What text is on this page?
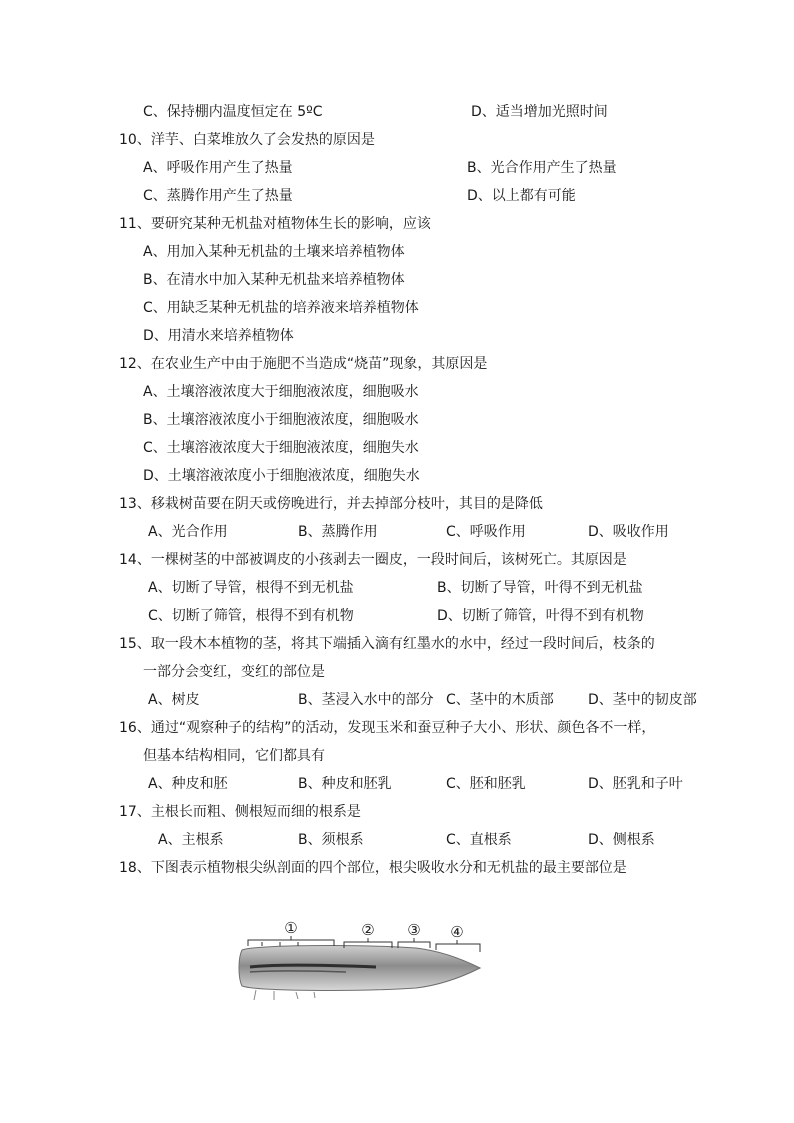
C、保持棚内温度恒定在 5ºC	D、适当增加光照时间
10、洋芋、白菜堆放久了会发热的原因是
A、呼吸作用产生了热量	B、光合作用产生了热量
C、蒸腾作用产生了热量	D、以上都有可能
11、要研究某种无机盐对植物体生长的影响，应该
A、用加入某种无机盐的土壤来培养植物体
B、在清水中加入某种无机盐来培养植物体
C、用缺乏某种无机盐的培养液来培养植物体
D、用清水来培养植物体
12、在农业生产中由于施肥不当造成“烧苗”现象，其原因是
A、土壤溶液浓度大于细胞液浓度，细胞吸水
B、土壤溶液浓度小于细胞液浓度，细胞吸水
C、土壤溶液浓度大于细胞液浓度，细胞失水
D、土壤溶液浓度小于细胞液浓度，细胞失水
13、移栽树苗要在阴天或傍晚进行，并去掉部分枝叶，其目的是降低
A、光合作用	B、蒸腾作用	C、呼吸作用	D、吸收作用
14、一棵树茎的中部被调皮的小孩剥去一圈皮，一段时间后，该树死亡。其原因是
A、切断了导管，根得不到无机盐	B、切断了导管，叶得不到无机盐
C、切断了筛管，根得不到有机物	D、切断了筛管，叶得不到有机物
15、取一段木本植物的茎，将其下端插入滴有红墨水的水中，经过一段时间后，枝条的
一部分会变红，变红的部位是
A、树皮	B、茎浸入水中的部分 C、茎中的木质部 D、茎中的韧皮部
16、通过“观察种子的结构”的活动，发现玉米和蚕豆种子大小、形状、颜色各不一样，
但基本结构相同，它们都具有
A、种皮和胚	B、种皮和胚乳	C、胚和胚乳	D、胚乳和子叶
17、主根长而粗、侧根短而细的根系是
A、主根系	B、须根系	C、直根系	D、侧根系
18、下图表示植物根尖纵剖面的四个部位，根尖吸收水分和无机盐的最主要部位是
①	② ③ ④
